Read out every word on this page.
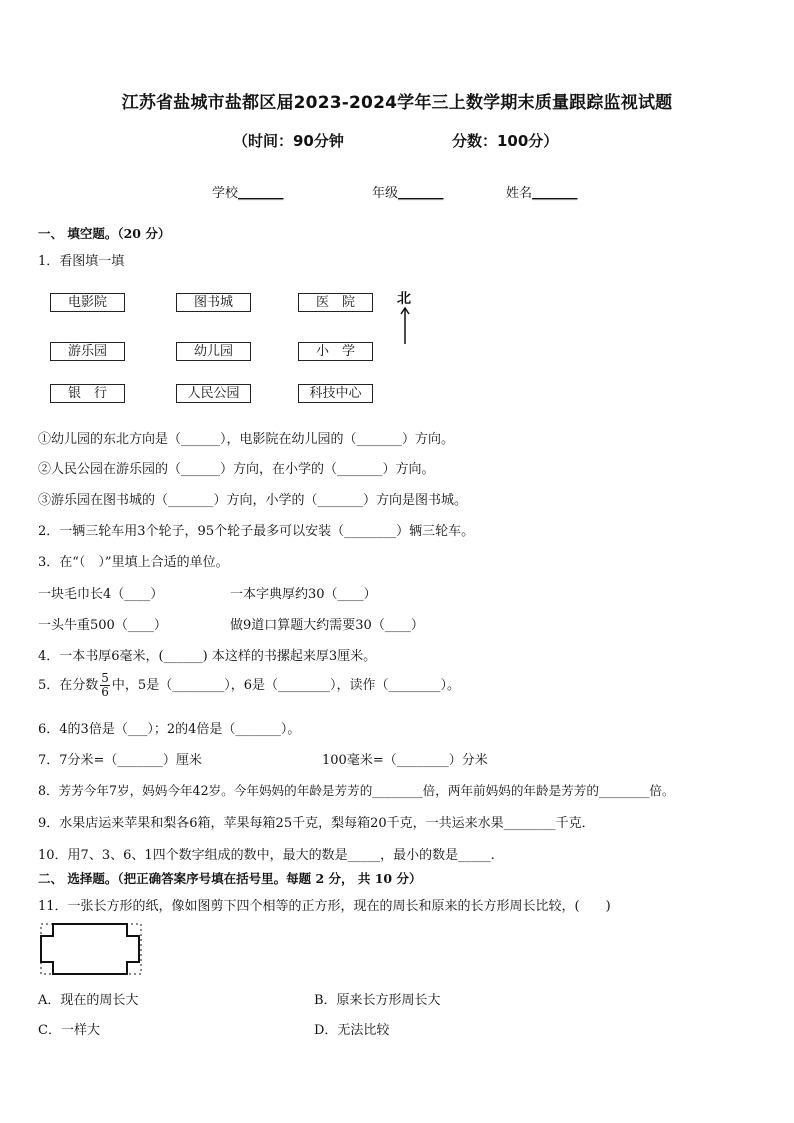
江苏省盐城市盐都区届2023-2024学年三上数学期末质量跟踪监视试题
（时间：90分钟	分数：100分）
学校_______	年级_______	姓名_______
一、 填空题。（20 分）
1．看图填一填
电影院	图书城	医　院
游乐园	幼儿园	小　学
银　行	人民公园	科技中心
北
①幼儿园的东北方向是（______），电影院在幼儿园的（_______）方向。
②人民公园在游乐园的（______）方向，在小学的（_______）方向。
③游乐园在图书城的（_______）方向，小学的（_______）方向是图书城。
2．一辆三轮车用3个轮子，95个轮子最多可以安装（________）辆三轮车。
3．在“（　）”里填上合适的单位。
一块毛巾长4（____）	一本字典厚约30（____）
一头牛重500（____）	做9道口算题大约需要30（____）
4．一本书厚6毫米，(______) 本这样的书摞起来厚3厘米。
5．在分数 $\frac{5}{6}$ 中，5是（________），6是（________），读作（________）。
6．4的3倍是（___）；2的4倍是（_______）。
7．7分米=（_______）厘米	100毫米=（________）分米
8．芳芳今年7岁，妈妈今年42岁。今年妈妈的年龄是芳芳的________倍，两年前妈妈的年龄是芳芳的________倍。
9．水果店运来苹果和梨各6箱，苹果每箱25千克，梨每箱20千克，一共运来水果________千克．
10．用7、3、6、1四个数字组成的数中，最大的数是_____，最小的数是_____.
二、 选择题。（把正确答案序号填在括号里。每题 2 分， 共 10 分）
11．一张长方形的纸，像如图剪下四个相等的正方形，现在的周长和原来的长方形周长比较，(　　)
A．现在的周长大	B．原来长方形周长大
C．一样大	D．无法比较
